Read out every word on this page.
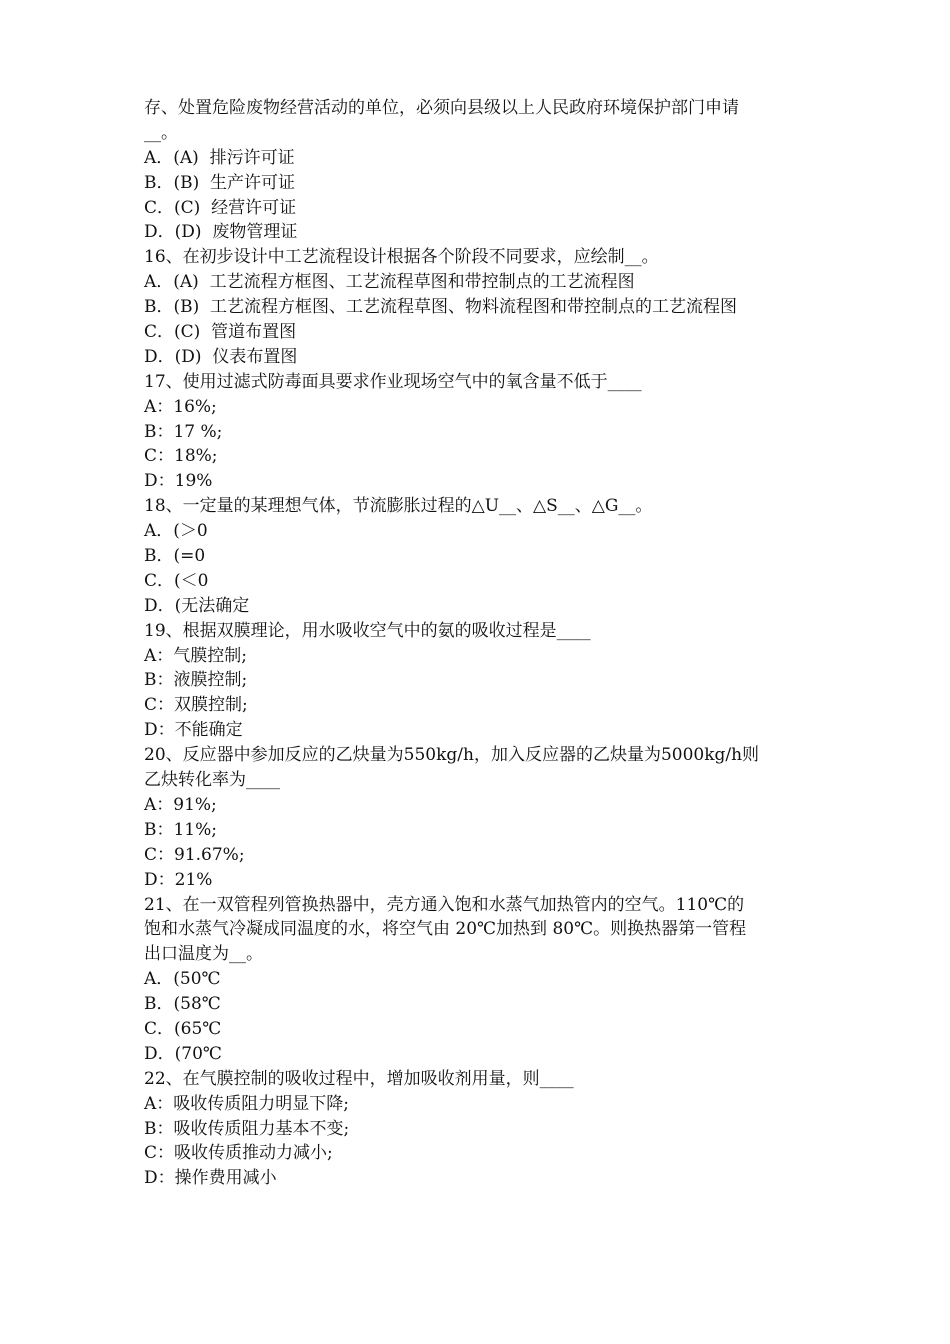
存、处置危险废物经营活动的单位，必须向县级以上人民政府环境保护部门申请
__。
A．(A)  排污许可证
B．(B)  生产许可证
C．(C)  经营许可证
D．(D)  废物管理证
16、在初步设计中工艺流程设计根据各个阶段不同要求，应绘制__。
A．(A)  工艺流程方框图、工艺流程草图和带控制点的工艺流程图
B．(B)  工艺流程方框图、工艺流程草图、物料流程图和带控制点的工艺流程图
C．(C)  管道布置图
D．(D)  仪表布置图
17、使用过滤式防毒面具要求作业现场空气中的氧含量不低于____
A：16%;
B：17 %;
C：18%;
D：19%
18、一定量的某理想气体，节流膨胀过程的△U__、△S__、△G__。
A．(＞0
B．(=0
C．(＜0
D．(无法确定
19、根据双膜理论，用水吸收空气中的氨的吸收过程是____
A：气膜控制;
B：液膜控制;
C：双膜控制;
D：不能确定
20、反应器中参加反应的乙炔量为550kg/h，加入反应器的乙炔量为5000kg/h则
乙炔转化率为____
A：91%;
B：11%;
C：91.67%;
D：21%
21、在一双管程列管换热器中，壳方通入饱和水蒸气加热管内的空气。110℃的
饱和水蒸气冷凝成同温度的水，将空气由 20℃加热到 80℃。则换热器第一管程
出口温度为__。
A．(50℃
B．(58℃
C．(65℃
D．(70℃
22、在气膜控制的吸收过程中，增加吸收剂用量，则____
A：吸收传质阻力明显下降;
B：吸收传质阻力基本不变;
C：吸收传质推动力减小;
D：操作费用减小
